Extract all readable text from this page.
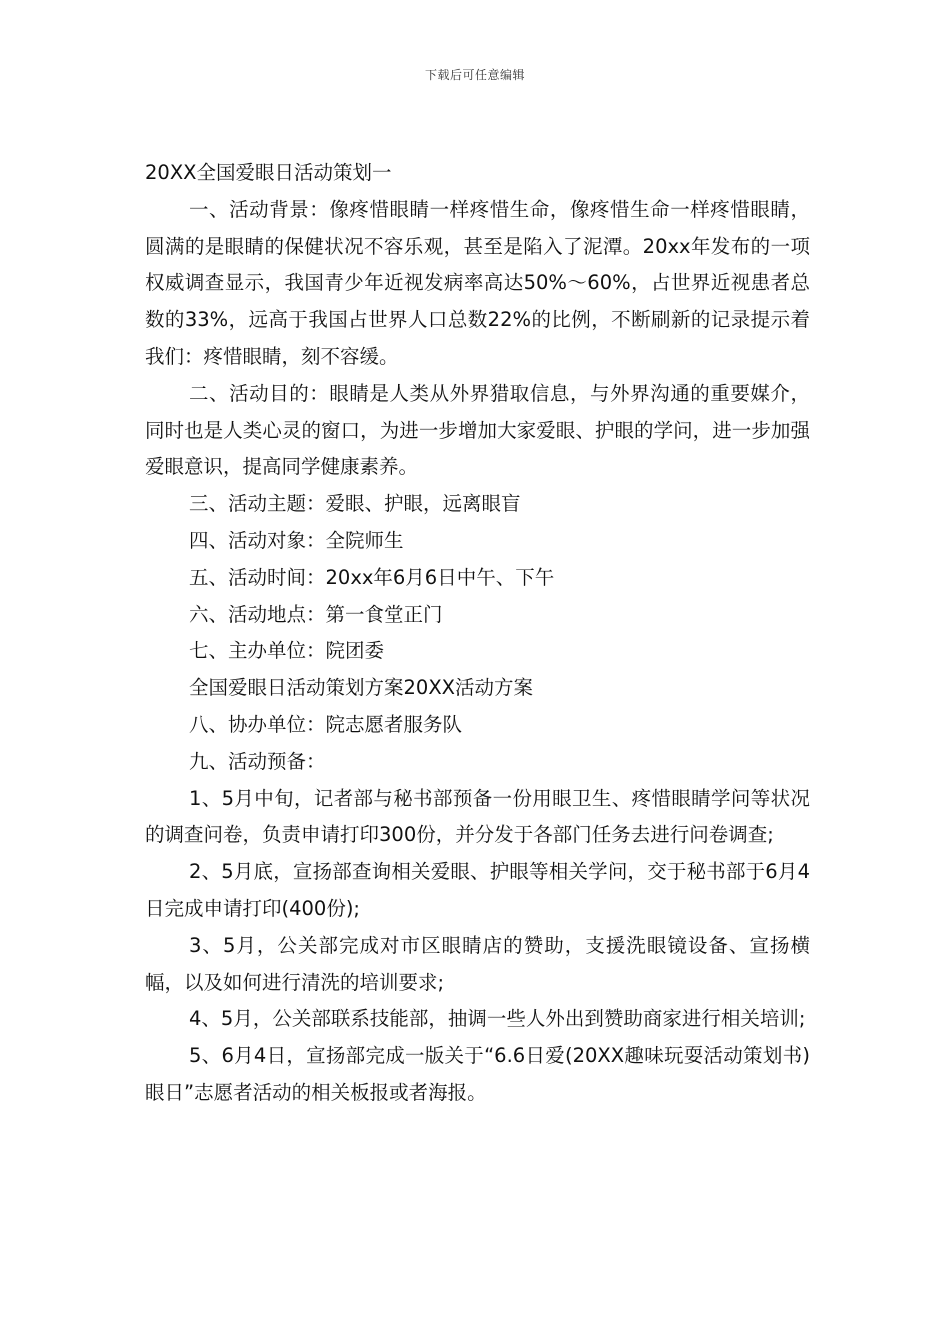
下载后可任意编辑

20XX全国爱眼日活动策划一

一、活动背景：像疼惜眼睛一样疼惜生命，像疼惜生命一样疼惜眼睛，圆满的是眼睛的保健状况不容乐观，甚至是陷入了泥潭。20xx年发布的一项权威调查显示，我国青少年近视发病率高达50%～60%，占世界近视患者总数的33%，远高于我国占世界人口总数22%的比例，不断刷新的记录提示着我们：疼惜眼睛，刻不容缓。

二、活动目的：眼睛是人类从外界猎取信息，与外界沟通的重要媒介，同时也是人类心灵的窗口，为进一步增加大家爱眼、护眼的学问，进一步加强爱眼意识，提高同学健康素养。

三、活动主题：爱眼、护眼，远离眼盲

四、活动对象：全院师生

五、活动时间：20xx年6月6日中午、下午

六、活动地点：第一食堂正门

七、主办单位：院团委

全国爱眼日活动策划方案20XX活动方案

八、协办单位：院志愿者服务队

九、活动预备：

1、5月中旬，记者部与秘书部预备一份用眼卫生、疼惜眼睛学问等状况的调查问卷，负责申请打印300份，并分发于各部门任务去进行问卷调查;

2、5月底，宣扬部查询相关爱眼、护眼等相关学问，交于秘书部于6月4日完成申请打印(400份);

3、5月，公关部完成对市区眼睛店的赞助，支援洗眼镜设备、宣扬横幅，以及如何进行清洗的培训要求;

4、5月，公关部联系技能部，抽调一些人外出到赞助商家进行相关培训;

5、6月4日，宣扬部完成一版关于“6.6日爱(20XX趣味玩耍活动策划书)眼日”志愿者活动的相关板报或者海报。
